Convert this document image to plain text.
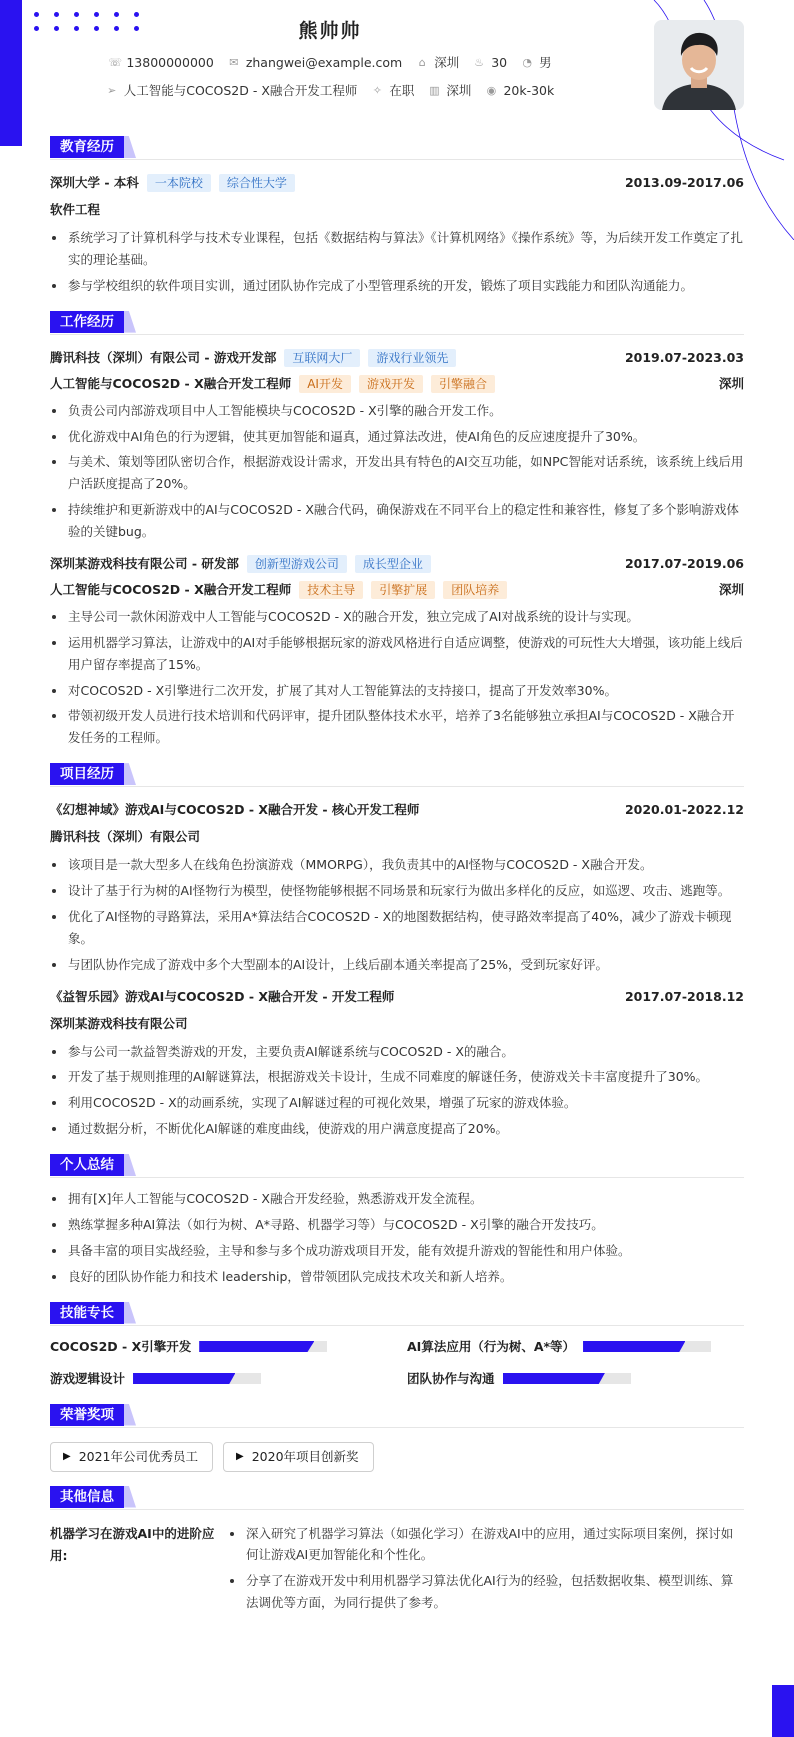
熊帅帅
☏ 13800000000 ✉ zhangwei@example.com ⌂ 深圳 ♨ 30 ◔ 男
➢ 人工智能与COCOS2D - X融合开发工程师 ✧ 在职 ▥ 深圳 ◉ 20k-30k
教育经历
深圳大学 - 本科	一本院校	综合性大学	2013.09-2017.06
软件工程
系统学习了计算机科学与技术专业课程，包括《数据结构与算法》《计算机网络》《操作系统》等，为后续开发工作奠定了扎实的理论基础。
参与学校组织的软件项目实训，通过团队协作完成了小型管理系统的开发，锻炼了项目实践能力和团队沟通能力。
工作经历
腾讯科技（深圳）有限公司 - 游戏开发部	互联网大厂	游戏行业领先	2019.07-2023.03
人工智能与COCOS2D - X融合开发工程师	AI开发	游戏开发	引擎融合	深圳
负责公司内部游戏项目中人工智能模块与COCOS2D - X引擎的融合开发工作。
优化游戏中AI角色的行为逻辑，使其更加智能和逼真，通过算法改进，使AI角色的反应速度提升了30%。
与美术、策划等团队密切合作，根据游戏设计需求，开发出具有特色的AI交互功能，如NPC智能对话系统，该系统上线后用户活跃度提高了20%。
持续维护和更新游戏中的AI与COCOS2D - X融合代码，确保游戏在不同平台上的稳定性和兼容性，修复了多个影响游戏体验的关键bug。
深圳某游戏科技有限公司 - 研发部	创新型游戏公司	成长型企业	2017.07-2019.06
人工智能与COCOS2D - X融合开发工程师	技术主导	引擎扩展	团队培养	深圳
主导公司一款休闲游戏中人工智能与COCOS2D - X的融合开发，独立完成了AI对战系统的设计与实现。
运用机器学习算法，让游戏中的AI对手能够根据玩家的游戏风格进行自适应调整，使游戏的可玩性大大增强，该功能上线后用户留存率提高了15%。
对COCOS2D - X引擎进行二次开发，扩展了其对人工智能算法的支持接口，提高了开发效率30%。
带领初级开发人员进行技术培训和代码评审，提升团队整体技术水平，培养了3名能够独立承担AI与COCOS2D - X融合开发任务的工程师。
项目经历
《幻想神域》游戏AI与COCOS2D - X融合开发 - 核心开发工程师	2020.01-2022.12
腾讯科技（深圳）有限公司
该项目是一款大型多人在线角色扮演游戏（MMORPG），我负责其中的AI怪物与COCOS2D - X融合开发。
设计了基于行为树的AI怪物行为模型，使怪物能够根据不同场景和玩家行为做出多样化的反应，如巡逻、攻击、逃跑等。
优化了AI怪物的寻路算法，采用A*算法结合COCOS2D - X的地图数据结构，使寻路效率提高了40%，减少了游戏卡顿现象。
与团队协作完成了游戏中多个大型副本的AI设计，上线后副本通关率提高了25%，受到玩家好评。
《益智乐园》游戏AI与COCOS2D - X融合开发 - 开发工程师	2017.07-2018.12
深圳某游戏科技有限公司
参与公司一款益智类游戏的开发，主要负责AI解谜系统与COCOS2D - X的融合。
开发了基于规则推理的AI解谜算法，根据游戏关卡设计，生成不同难度的解谜任务，使游戏关卡丰富度提升了30%。
利用COCOS2D - X的动画系统，实现了AI解谜过程的可视化效果，增强了玩家的游戏体验。
通过数据分析，不断优化AI解谜的难度曲线，使游戏的用户满意度提高了20%。
个人总结
拥有[X]年人工智能与COCOS2D - X融合开发经验，熟悉游戏开发全流程。
熟练掌握多种AI算法（如行为树、A*寻路、机器学习等）与COCOS2D - X引擎的融合开发技巧。
具备丰富的项目实战经验，主导和参与多个成功游戏项目开发，能有效提升游戏的智能性和用户体验。
良好的团队协作能力和技术 leadership，曾带领团队完成技术攻关和新人培养。
技能专长
COCOS2D - X引擎开发	AI算法应用（行为树、A*等）
游戏逻辑设计	团队协作与沟通
荣誉奖项
▶ 2021年公司优秀员工	▶ 2020年项目创新奖
其他信息
机器学习在游戏AI中的进阶应用:
深入研究了机器学习算法（如强化学习）在游戏AI中的应用，通过实际项目案例，探讨如何让游戏AI更加智能化和个性化。
分享了在游戏开发中利用机器学习算法优化AI行为的经验，包括数据收集、模型训练、算法调优等方面，为同行提供了参考。
